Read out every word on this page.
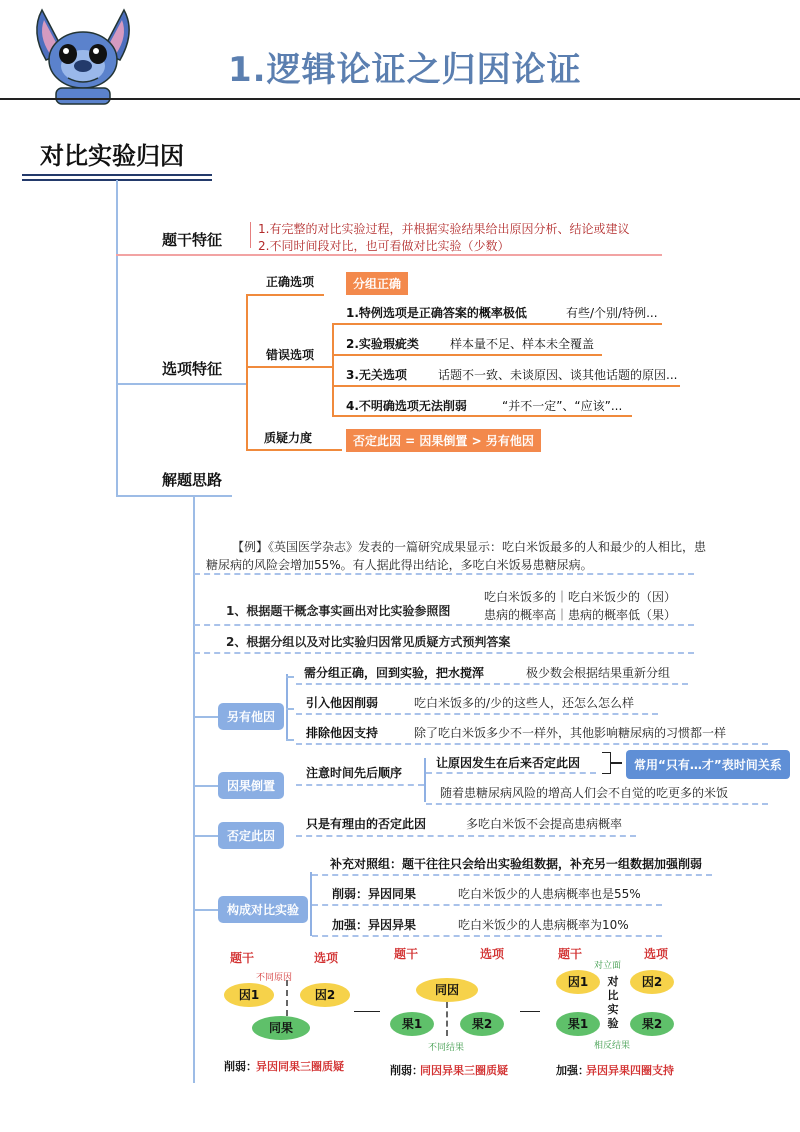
1.逻辑论证之归因论证
对比实验归因
题干特征
1.有完整的对比实验过程，并根据实验结果给出原因分析、结论或建议
2.不同时间段对比，也可看做对比实验（少数）
选项特征
正确选项	分组正确
错误选项
1.特例选项是正确答案的概率极低	有些/个别/特例...
2.实验瑕疵类	样本量不足、样本未全覆盖
3.无关选项	话题不一致、未谈原因、谈其他话题的原因...
4.不明确选项无法削弱	“并不一定”、“应该”...
质疑力度	否定此因 = 因果倒置 > 另有他因
解题思路
【例】《英国医学杂志》发表的一篇研究成果显示：吃白米饭最多的人和最少的人相比，患
糖尿病的风险会增加55%。有人据此得出结论，多吃白米饭易患糖尿病。
1、根据题干概念事实画出对比实验参照图
吃白米饭多的｜吃白米饭少的（因）
患病的概率高｜患病的概率低（果）
2、根据分组以及对比实验归因常见质疑方式预判答案
另有他因
需分组正确，回到实验，把水搅浑	极少数会根据结果重新分组
引入他因削弱	吃白米饭多的/少的这些人，还怎么怎么样
排除他因支持	除了吃白米饭多少不一样外，其他影响糖尿病的习惯都一样
因果倒置
注意时间先后顺序
让原因发生在后来否定此因	常用“只有…才”表时间关系
随着患糖尿病风险的增高人们会不自觉的吃更多的米饭
否定此因
只是有理由的否定此因	多吃白米饭不会提高患病概率
构成对比实验
补充对照组：题干往往只会给出实验组数据，补充另一组数据加强削弱
削弱：异因同果	吃白米饭少的人患病概率也是55%
加强：异因异果	吃白米饭少的人患病概率为10%
题干	选项
不同原因
因1	因2
同果
削弱： 异因同果三圈质疑
题干	选项
同因
果1	果2
不同结果
削弱：
同因异果三圈质疑
题干	选项
对立面
因1	因2
对比实验
果1	果2
相反结果
加强：
异因异果四圈支持
